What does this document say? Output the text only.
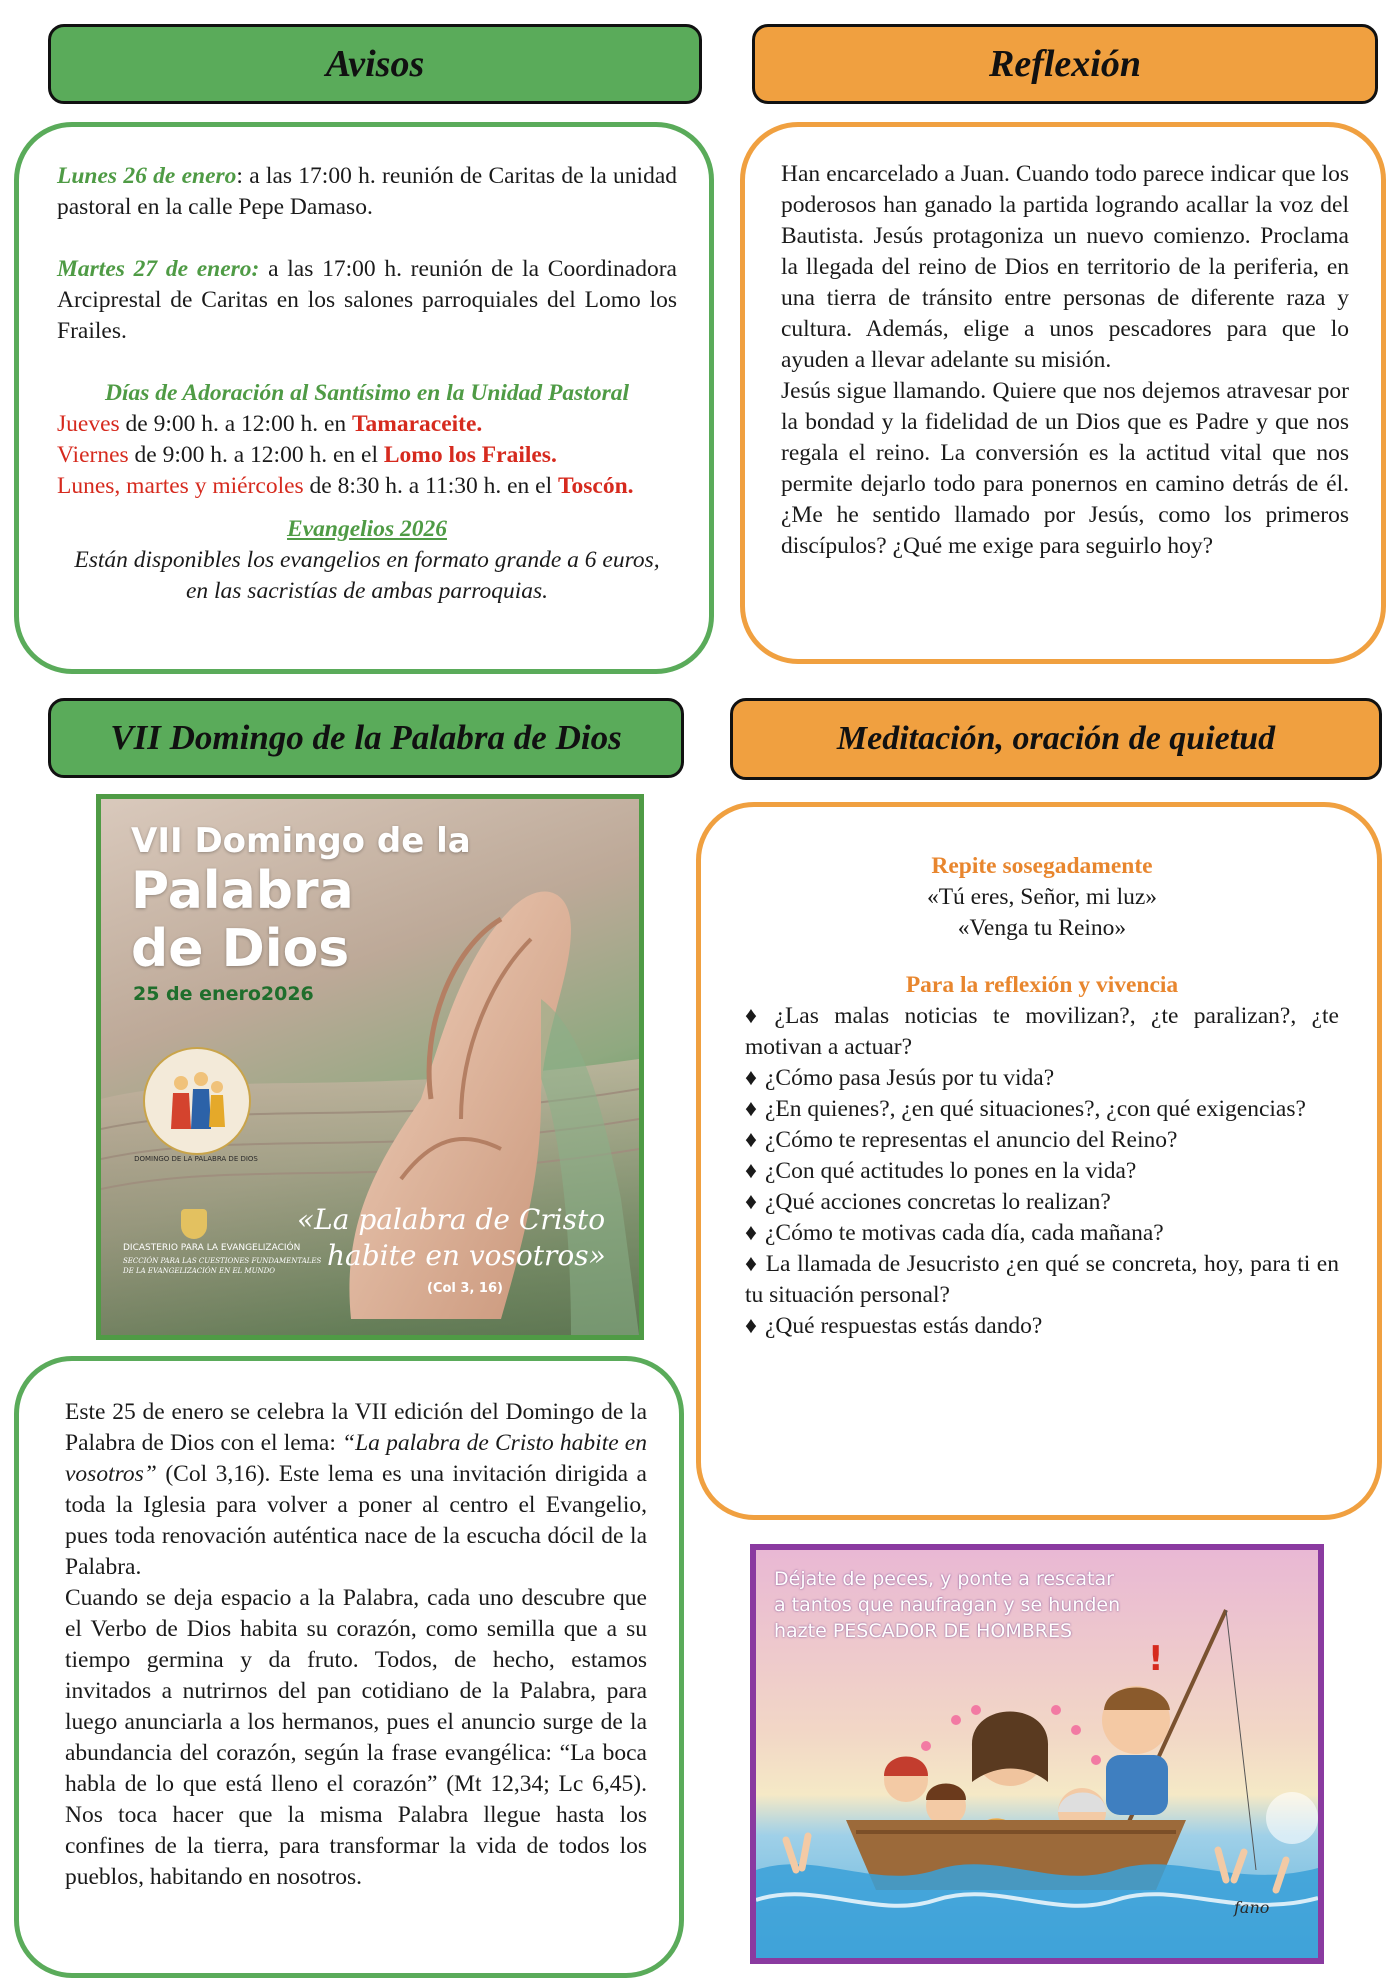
Avisos

Lunes 26 de enero: a las 17:00 h. reunión de Caritas de la unidad pastoral en la calle Pepe Damaso.

Martes 27 de enero: a las 17:00 h. reunión de la Coordinadora Arciprestal de Caritas en los salones parroquiales del Lomo los Frailes.

Días de Adoración al Santísimo en la Unidad Pastoral

Jueves de 9:00 h. a 12:00 h. en Tamaraceite.

Viernes de 9:00 h. a 12:00 h. en el Lomo los Frailes.

Lunes, martes y miércoles de 8:30 h. a 11:30 h. en el Toscón.

Evangelios 2026

Están disponibles los evangelios en formato grande a 6 euros, en las sacristías de ambas parroquias.

Reflexión

Han encarcelado a Juan. Cuando todo parece indicar que los poderosos han ganado la partida logrando acallar la voz del Bautista. Jesús protagoniza un nuevo comienzo. Proclama la llegada del reino de Dios en territorio de la periferia, en una tierra de tránsito entre personas de diferente raza y cultura. Además, elige a unos pescadores para que lo ayuden a llevar adelante su misión.

Jesús sigue llamando. Quiere que nos dejemos atravesar por la bondad y la fidelidad de un Dios que es Padre y que nos regala el reino. La conversión es la actitud vital que nos permite dejarlo todo para ponernos en camino detrás de él. ¿Me he sentido llamado por Jesús, como los primeros discípulos? ¿Qué me exige para seguirlo hoy?

VII Domingo de la Palabra de Dios
VII Domingo de la
Palabra
de Dios
25 de enero2026
DOMINGO DE LA PALABRA DE DIOS
DICASTERIO PARA LA EVANGELIZACIÓN
SECCIÓN PARA LAS CUESTIONES FUNDAMENTALES
DE LA EVANGELIZACIÓN EN EL MUNDO
«La palabra de Cristo
habite en vosotros»
(Col 3, 16)

Este 25 de enero se celebra la VII edición del Domingo de la Palabra de Dios con el lema: “La palabra de Cristo habite en vosotros” (Col 3,16). Este lema es una invitación dirigida a toda la Iglesia para volver a poner al centro el Evangelio, pues toda renovación auténtica nace de la escucha dócil de la Palabra.

Cuando se deja espacio a la Palabra, cada uno descubre que el Verbo de Dios habita su corazón, como semilla que a su tiempo germina y da fruto. Todos, de hecho, estamos invitados a nutrirnos del pan cotidiano de la Palabra, para luego anunciarla a los hermanos, pues el anuncio surge de la abundancia del corazón, según la frase evangélica: “La boca habla de lo que está lleno el corazón” (Mt 12,34; Lc 6,45). Nos toca hacer que la misma Palabra llegue hasta los confines de la tierra, para transformar la vida de todos los pueblos, habitando en nosotros.

Meditación, oración de quietud

Repite sosegadamente

«Tú eres, Señor, mi luz»

«Venga tu Reino»

Para la reflexión y vivencia

♦ ¿Las malas noticias te movilizan?, ¿te paralizan?, ¿te motivan a actuar?

♦ ¿Cómo pasa Jesús por tu vida?

♦ ¿En quienes?, ¿en qué situaciones?, ¿con qué exigencias?

♦ ¿Cómo te representas el anuncio del Reino?

♦ ¿Con qué actitudes lo pones en la vida?

♦ ¿Qué acciones concretas lo realizan?

♦ ¿Cómo te motivas cada día, cada mañana?

♦ La llamada de Jesucristo ¿en qué se concreta, hoy, para ti en tu situación personal?

♦ ¿Qué respuestas estás dando?

Déjate de peces, y ponte a rescatar
a tantos que naufragan y se hunden
hazte PESCADOR DE HOMBRES
!
fano
